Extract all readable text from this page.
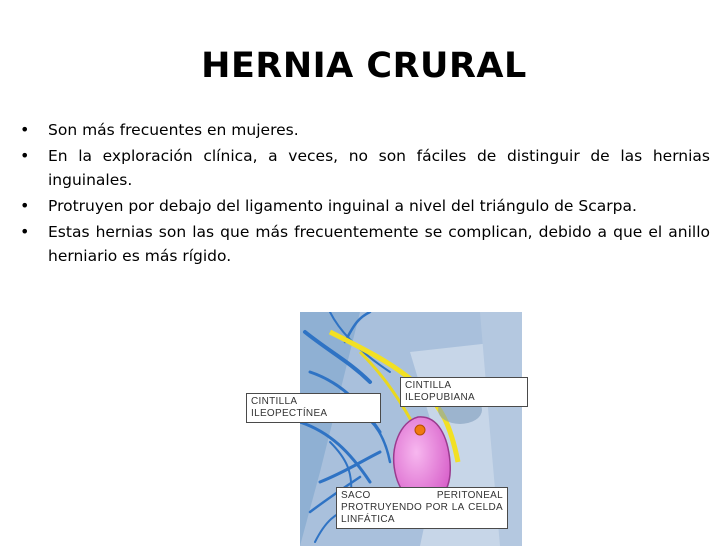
HERNIA CRURAL
• Son más frecuentes en mujeres.
• En la exploración clínica, a veces, no son fáciles de distinguir de las hernias inguinales.
• Protruyen por debajo del ligamento inguinal a nivel del triángulo de Scarpa.
• Estas hernias son las que más frecuentemente se complican, debido a que el anillo herniario es más rígido.
CINTILLA ILEOPECTÍNEA
CINTILLA ILEOPUBIANA
SACO	PERITONEAL
PROTRUYENDO POR LA CELDA
LINFÁTICA
